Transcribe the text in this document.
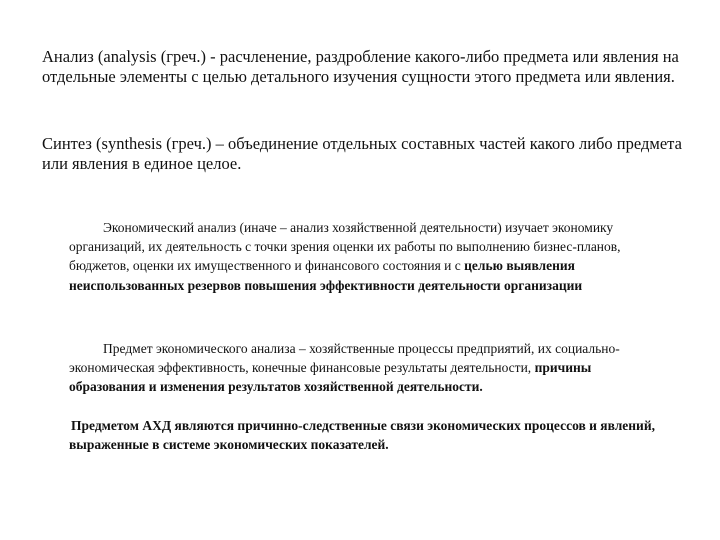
Анализ (analysis (греч.) - расчленение, раздробление какого-либо предмета или явления на отдельные элементы с целью детального изучения сущности этого предмета или явления.

Синтез (synthesis (греч.) – объединение отдельных составных частей какого либо предмета или явления в единое целое.

Экономический анализ (иначе – анализ хозяйственной деятельности) изучает экономику организаций, их деятельность с точки зрения оценки их работы по выполнению бизнес-планов, бюджетов, оценки их имущественного и финансового состояния и с целью выявления неиспользованных резервов повышения эффективности деятельности организации

Предмет экономического анализа – хозяйственные процессы предприятий, их социально-экономическая эффективность, конечные финансовые результаты деятельности, причины образования и изменения результатов хозяйственной деятельности.

Предметом АХД являются причинно-следственные связи экономических процессов и явлений, выраженные в системе экономических показателей.
